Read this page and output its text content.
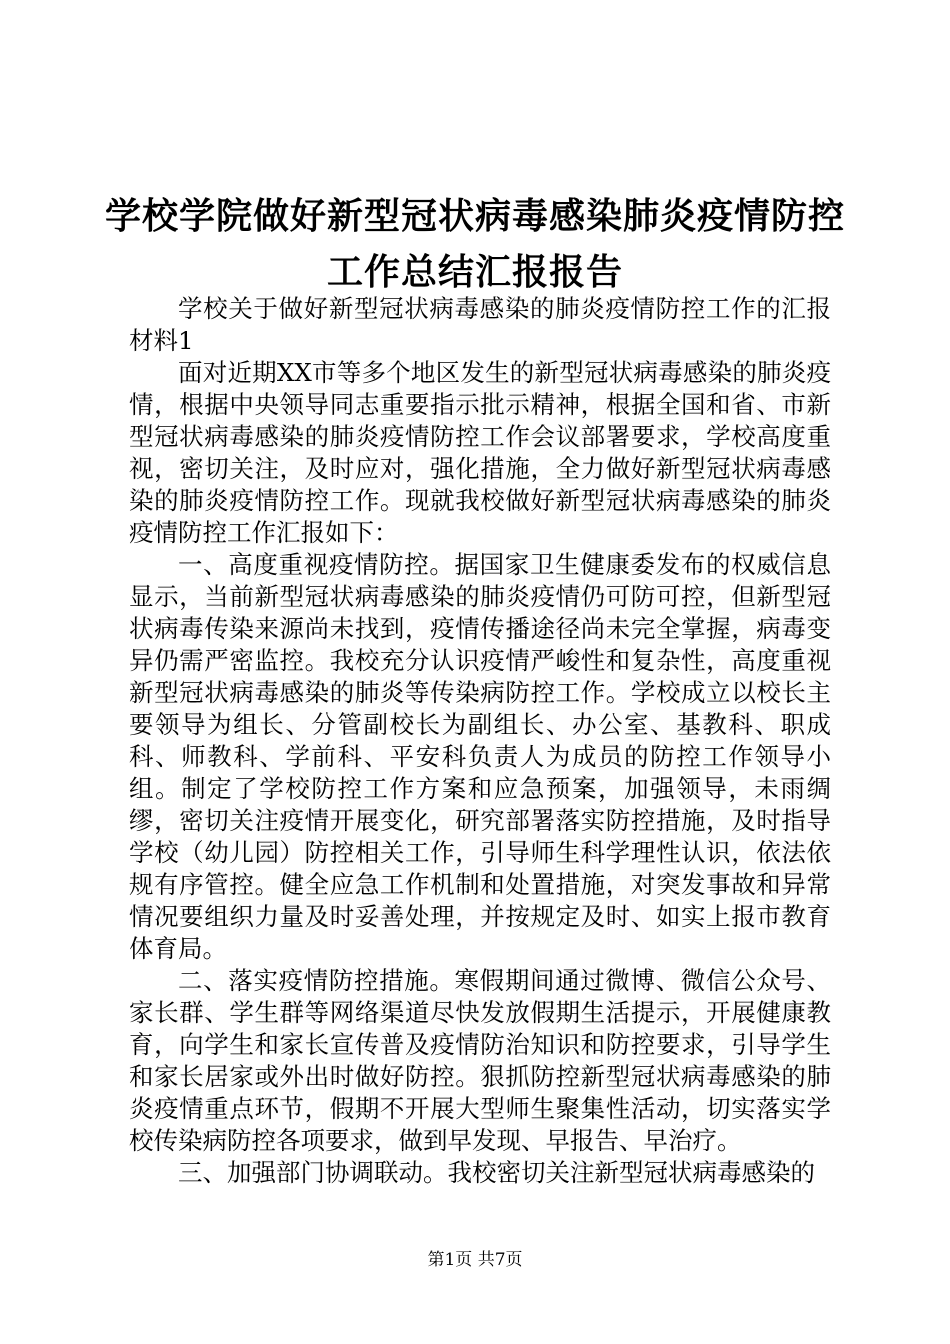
学校学院做好新型冠状病毒感染肺炎疫情防控
工作总结汇报报告

学校关于做好新型冠状病毒感染的肺炎疫情防控工作的汇报材料1

面对近期XX市等多个地区发生的新型冠状病毒感染的肺炎疫情，根据中央领导同志重要指示批示精神，根据全国和省、市新型冠状病毒感染的肺炎疫情防控工作会议部署要求，学校高度重视，密切关注，及时应对，强化措施，全力做好新型冠状病毒感染的肺炎疫情防控工作。现就我校做好新型冠状病毒感染的肺炎疫情防控工作汇报如下：

一、高度重视疫情防控。据国家卫生健康委发布的权威信息显示，当前新型冠状病毒感染的肺炎疫情仍可防可控，但新型冠状病毒传染来源尚未找到，疫情传播途径尚未完全掌握，病毒变异仍需严密监控。我校充分认识疫情严峻性和复杂性，高度重视新型冠状病毒感染的肺炎等传染病防控工作。学校成立以校长主要领导为组长、分管副校长为副组长、办公室、基教科、职成科、师教科、学前科、平安科负责人为成员的防控工作领导小组。制定了学校防控工作方案和应急预案，加强领导，未雨绸缪，密切关注疫情开展变化，研究部署落实防控措施，及时指导学校（幼儿园）防控相关工作，引导师生科学理性认识，依法依规有序管控。健全应急工作机制和处置措施，对突发事故和异常情况要组织力量及时妥善处理，并按规定及时、如实上报市教育体育局。

二、落实疫情防控措施。寒假期间通过微博、微信公众号、家长群、学生群等网络渠道尽快发放假期生活提示，开展健康教育，向学生和家长宣传普及疫情防治知识和防控要求，引导学生和家长居家或外出时做好防控。狠抓防控新型冠状病毒感染的肺炎疫情重点环节，假期不开展大型师生聚集性活动，切实落实学校传染病防控各项要求，做到早发现、早报告、早治疗。

三、加强部门协调联动。我校密切关注新型冠状病毒感染的

第1页 共7页
